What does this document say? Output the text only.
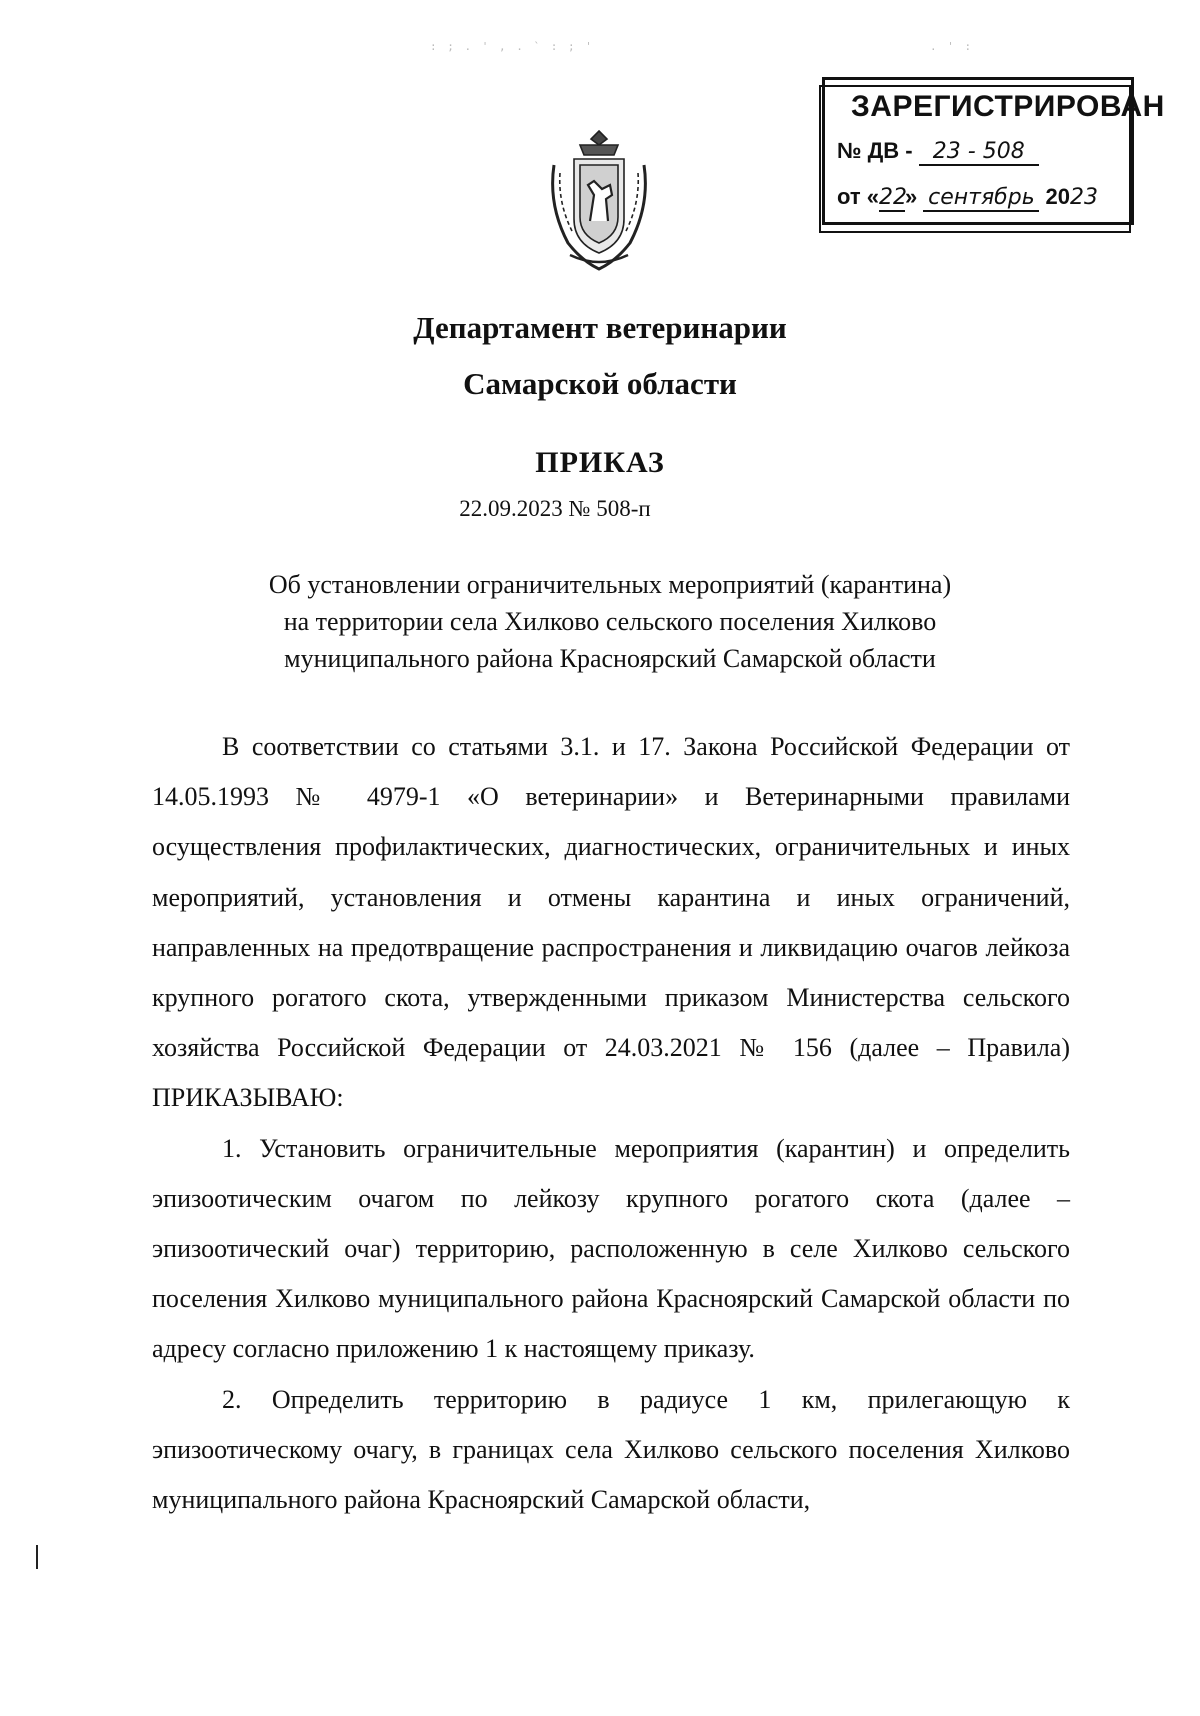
: ; . ' , . ` : ; '	. ' :
ЗАРЕГИСТРИРОВАН
№ ДВ - 23 - 508
от «22» сентябрь 2023
Департамент ветеринарии
Самарской области
ПРИКАЗ
22.09.2023 № 508-п
Об установлении ограничительных мероприятий (карантина)
на территории села Хилково сельского поселения Хилково
муниципального района Красноярский Самарской области

В соответствии со статьями 3.1. и 17. Закона Российской Федерации от 14.05.1993 № 4979-1 «О ветеринарии» и Ветеринарными правилами осуществления профилактических, диагностических, ограничительных и иных мероприятий, установления и отмены карантина и иных ограничений, направленных на предотвращение распространения и ликвидацию очагов лейкоза крупного рогатого скота, утвержденными приказом Министерства сельского хозяйства Российской Федерации от 24.03.2021 № 156 (далее – Правила) ПРИКАЗЫВАЮ:

1. Установить ограничительные мероприятия (карантин) и определить эпизоотическим очагом по лейкозу крупного рогатого скота (далее – эпизоотический очаг) территорию, расположенную в селе Хилково сельского поселения Хилково муниципального района Красноярский Самарской области по адресу согласно приложению 1 к настоящему приказу.

2. Определить территорию в радиусе 1 км, прилегающую к эпизоотическому очагу, в границах села Хилково сельского поселения Хилково муниципального района Красноярский Самарской области,
